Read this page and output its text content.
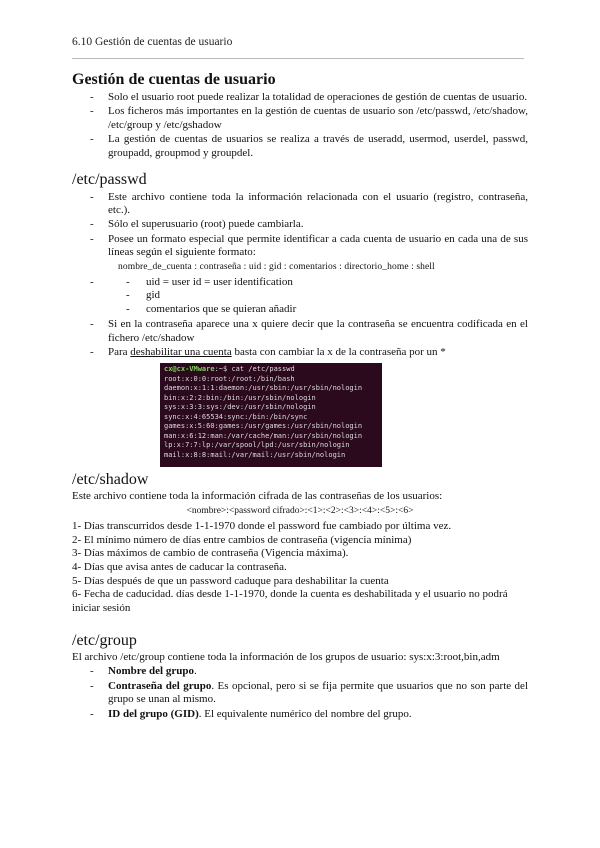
6.10 Gestión de cuentas de usuario
Gestión de cuentas de usuario
- Solo el usuario root puede realizar la totalidad de operaciones de gestión de cuentas de usuario.
- Los ficheros más importantes en la gestión de cuentas de usuario son /etc/passwd, /etc/shadow, /etc/group y /etc/gshadow
- La gestión de cuentas de usuarios se realiza a través de useradd, usermod, userdel, passwd, groupadd, groupmod y groupdel.
/etc/passwd
- Este archivo contiene toda la información relacionada con el usuario (registro, contraseña, etc.).
- Sólo el superusuario (root) puede cambiarla.
- Posee un formato especial que permite identificar a cada cuenta de usuario en cada una de sus líneas según el siguiente formato:
nombre_de_cuenta : contraseña : uid : gid : comentarios : directorio_home : shell
- - uid = user id = user identification
- gid
- comentarios que se quieran añadir
- Si en la contraseña aparece una x quiere decir que la contraseña se encuentra codificada en el fichero /etc/shadow
- Para deshabilitar una cuenta basta con cambiar la x de la contraseña por un *
cx@cx-VMware:~$ cat /etc/passwd
root:x:0:0:root:/root:/bin/bash
daemon:x:1:1:daemon:/usr/sbin:/usr/sbin/nologin
bin:x:2:2:bin:/bin:/usr/sbin/nologin
sys:x:3:3:sys:/dev:/usr/sbin/nologin
sync:x:4:65534:sync:/bin:/bin/sync
games:x:5:60:games:/usr/games:/usr/sbin/nologin
man:x:6:12:man:/var/cache/man:/usr/sbin/nologin
lp:x:7:7:lp:/var/spool/lpd:/usr/sbin/nologin
mail:x:8:8:mail:/var/mail:/usr/sbin/nologin
/etc/shadow

Este archivo contiene toda la información cifrada de las contraseñas de los usuarios:

<nombre>:<password cifrado>:<1>:<2>:<3>:<4>:<5>:<6>

1- Días transcurridos desde 1-1-1970 donde el password fue cambiado por última vez.

2- El mínimo número de días entre cambios de contraseña (vigencia mínima)

3- Días máximos de cambio de contraseña (Vigencia máxima).

4- Días que avisa antes de caducar la contraseña.

5- Días después de que un password caduque para deshabilitar la cuenta

6- Fecha de caducidad. días desde 1-1-1970, donde la cuenta es deshabilitada y el usuario no podrá iniciar sesión

/etc/group

El archivo /etc/group contiene toda la información de los grupos de usuario: sys:x:3:root,bin,adm

- Nombre del grupo.
- Contraseña del grupo. Es opcional, pero si se fija permite que usuarios que no son parte del grupo se unan al mismo.
- ID del grupo (GID). El equivalente numérico del nombre del grupo.
